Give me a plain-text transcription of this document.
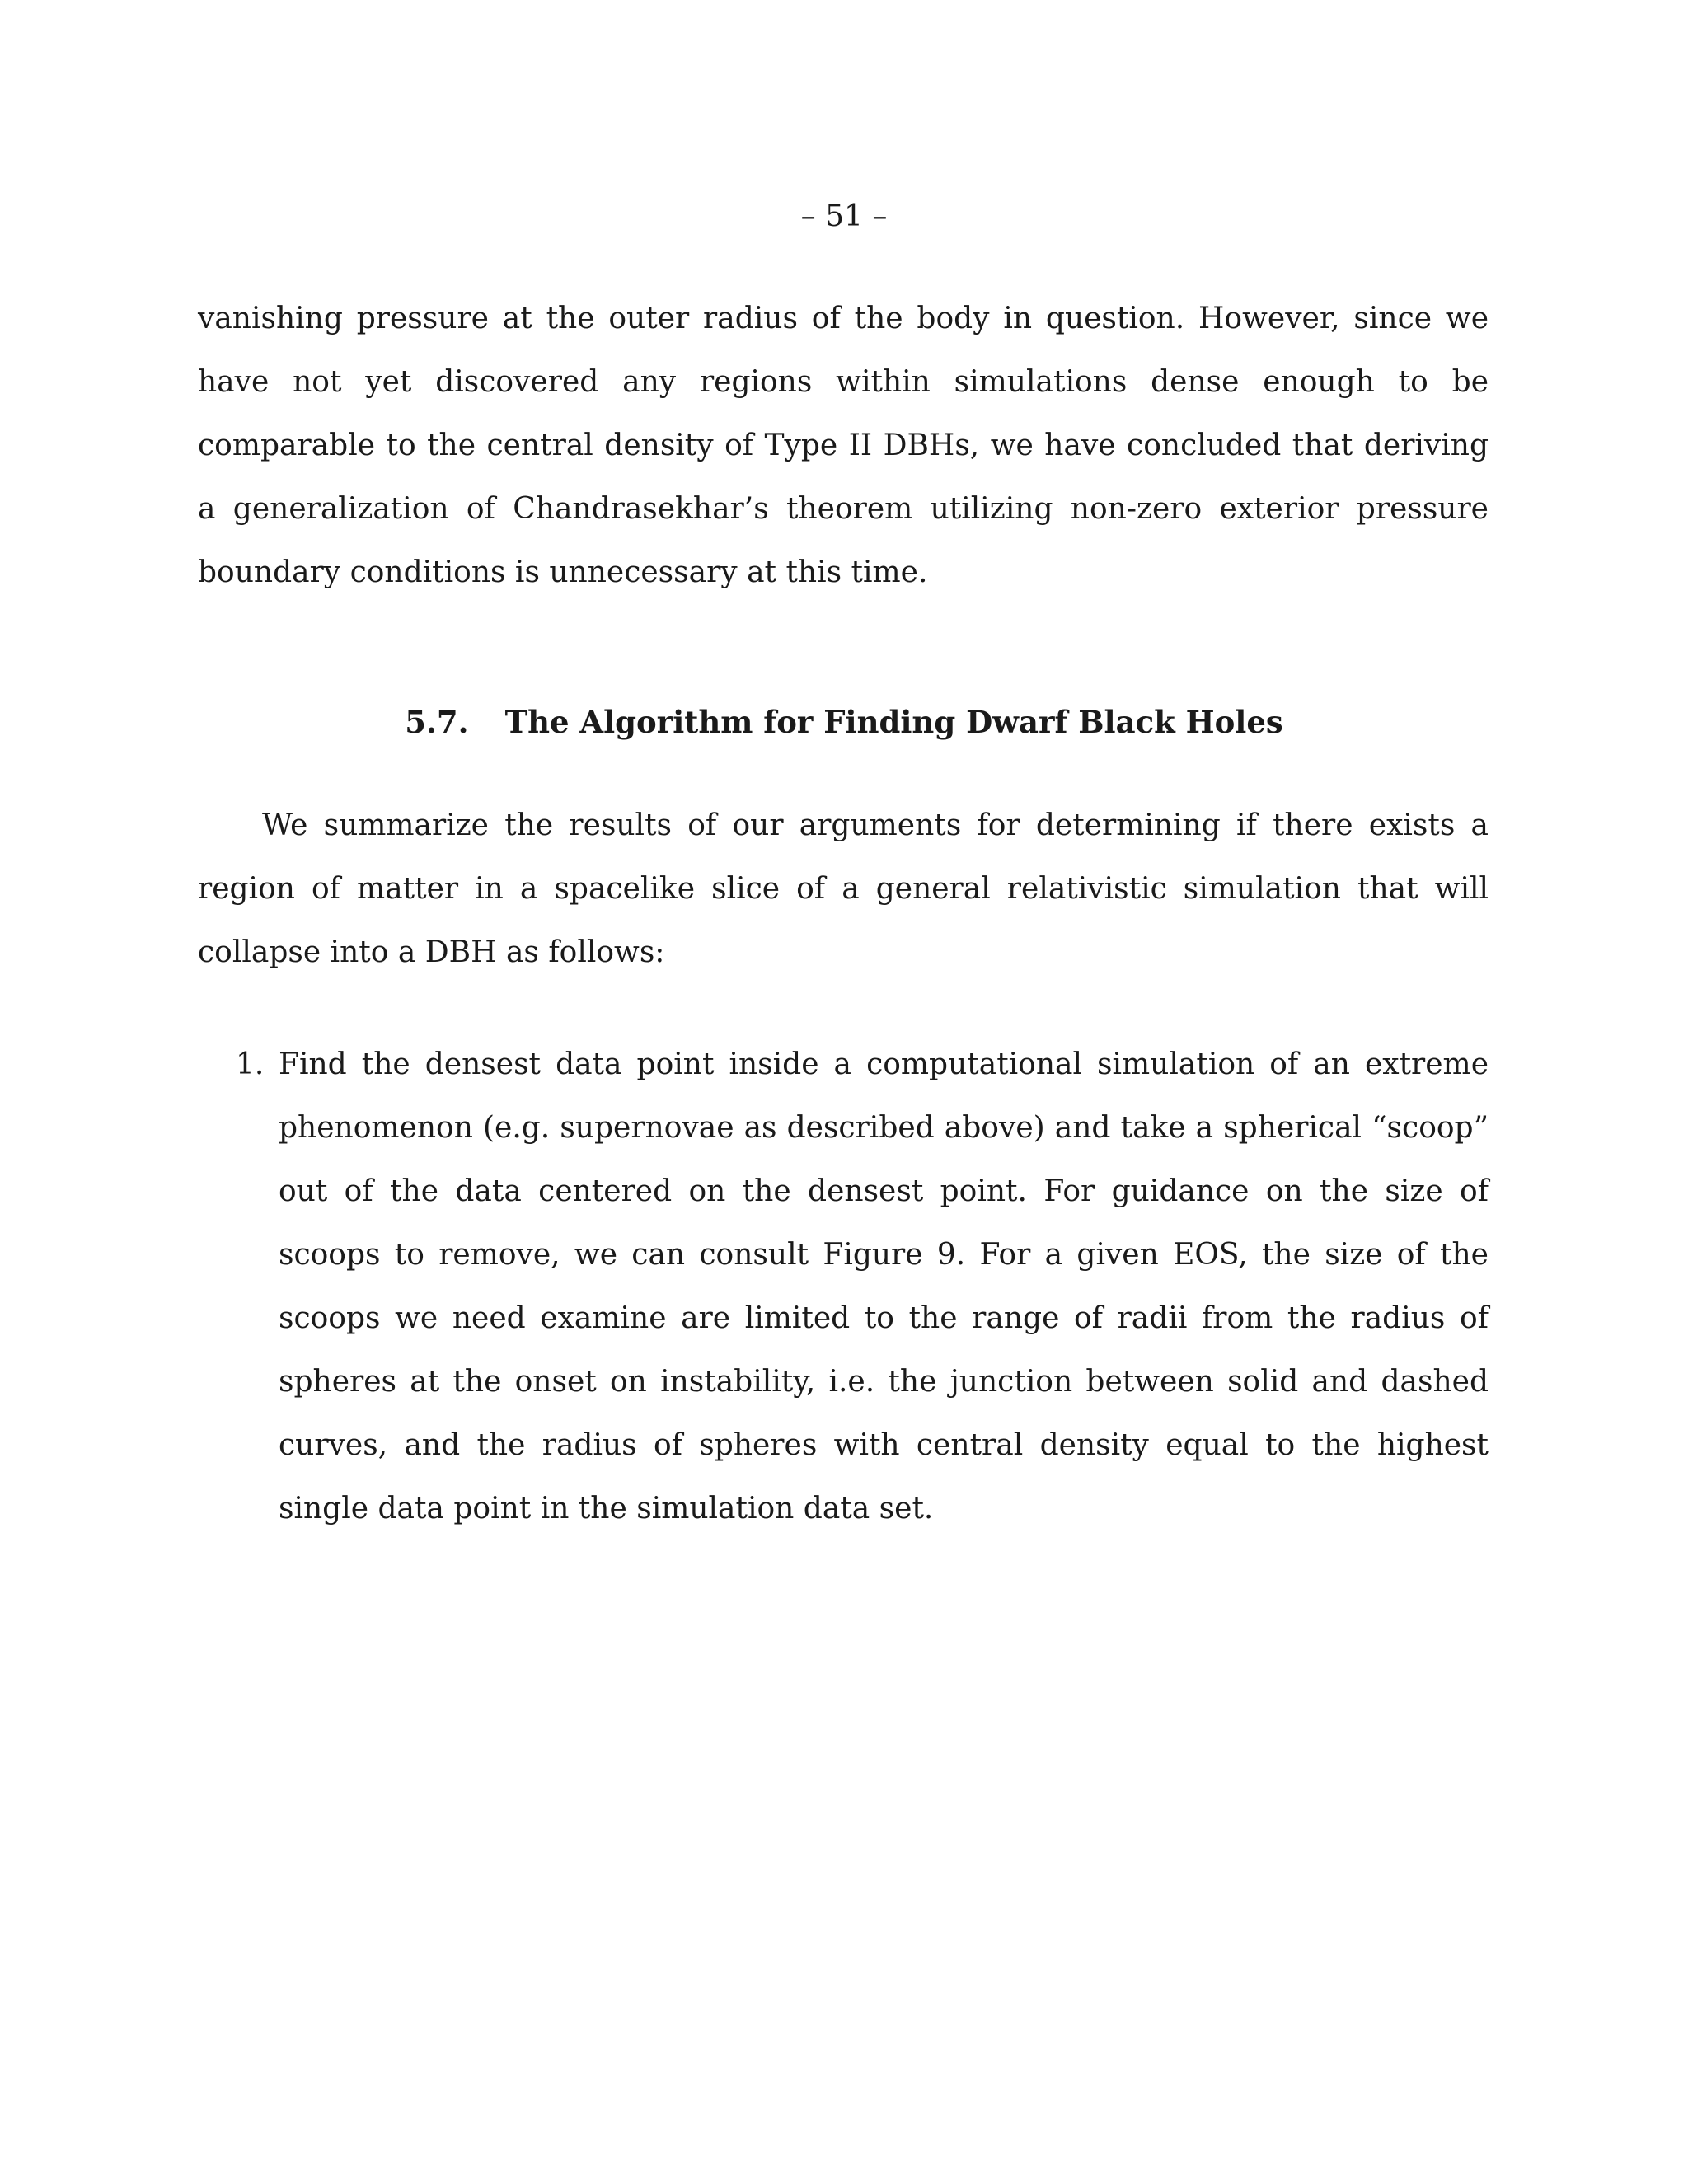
– 51 –
vanishing pressure at the outer radius of the body in question. However, since we have not yet discovered any regions within simulations dense enough to be comparable to the central density of Type II DBHs, we have concluded that deriving a generalization of Chandrasekhar’s theorem utilizing non-zero exterior pressure boundary conditions is unnecessary at this time.
5.7. The Algorithm for Finding Dwarf Black Holes
We summarize the results of our arguments for determining if there exists a region of matter in a spacelike slice of a general relativistic simulation that will collapse into a DBH as follows:
1. Find the densest data point inside a computational simulation of an extreme phenomenon (e.g. supernovae as described above) and take a spherical “scoop” out of the data centered on the densest point. For guidance on the size of scoops to remove, we can consult Figure 9. For a given EOS, the size of the scoops we need examine are limited to the range of radii from the radius of spheres at the onset on instability, i.e. the junction between solid and dashed curves, and the radius of spheres with central density equal to the highest single data point in the simulation data set.
